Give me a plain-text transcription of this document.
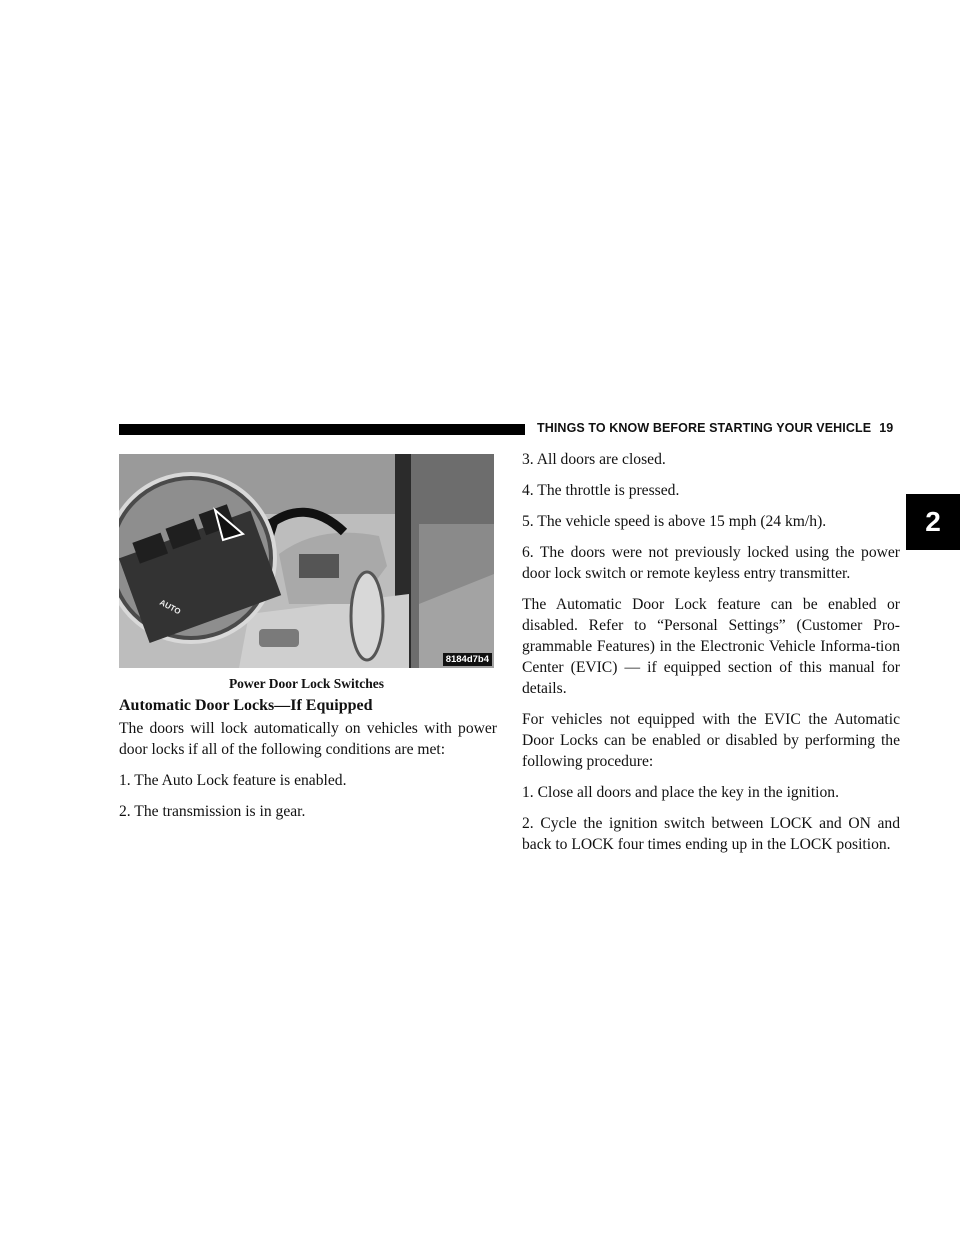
THINGS TO KNOW BEFORE STARTING YOUR VEHICLE 19
2
AUTO
8184d7b4
Power Door Lock Switches
Automatic Door Locks—If Equipped

The doors will lock automatically on vehicles with power door locks if all of the following conditions are met:

1. The Auto Lock feature is enabled.

2. The transmission is in gear.

3. All doors are closed.

4. The throttle is pressed.

5. The vehicle speed is above 15 mph (24 km/h).

6. The doors were not previously locked using the power door lock switch or remote keyless entry transmitter.

The Automatic Door Lock feature can be enabled or disabled. Refer to “Personal Settings” (Customer Pro-grammable Features) in the Electronic Vehicle Informa-tion Center (EVIC) — if equipped section of this manual for details.

For vehicles not equipped with the EVIC the Automatic Door Locks can be enabled or disabled by performing the following procedure:

1. Close all doors and place the key in the ignition.

2. Cycle the ignition switch between LOCK and ON and back to LOCK four times ending up in the LOCK position.
